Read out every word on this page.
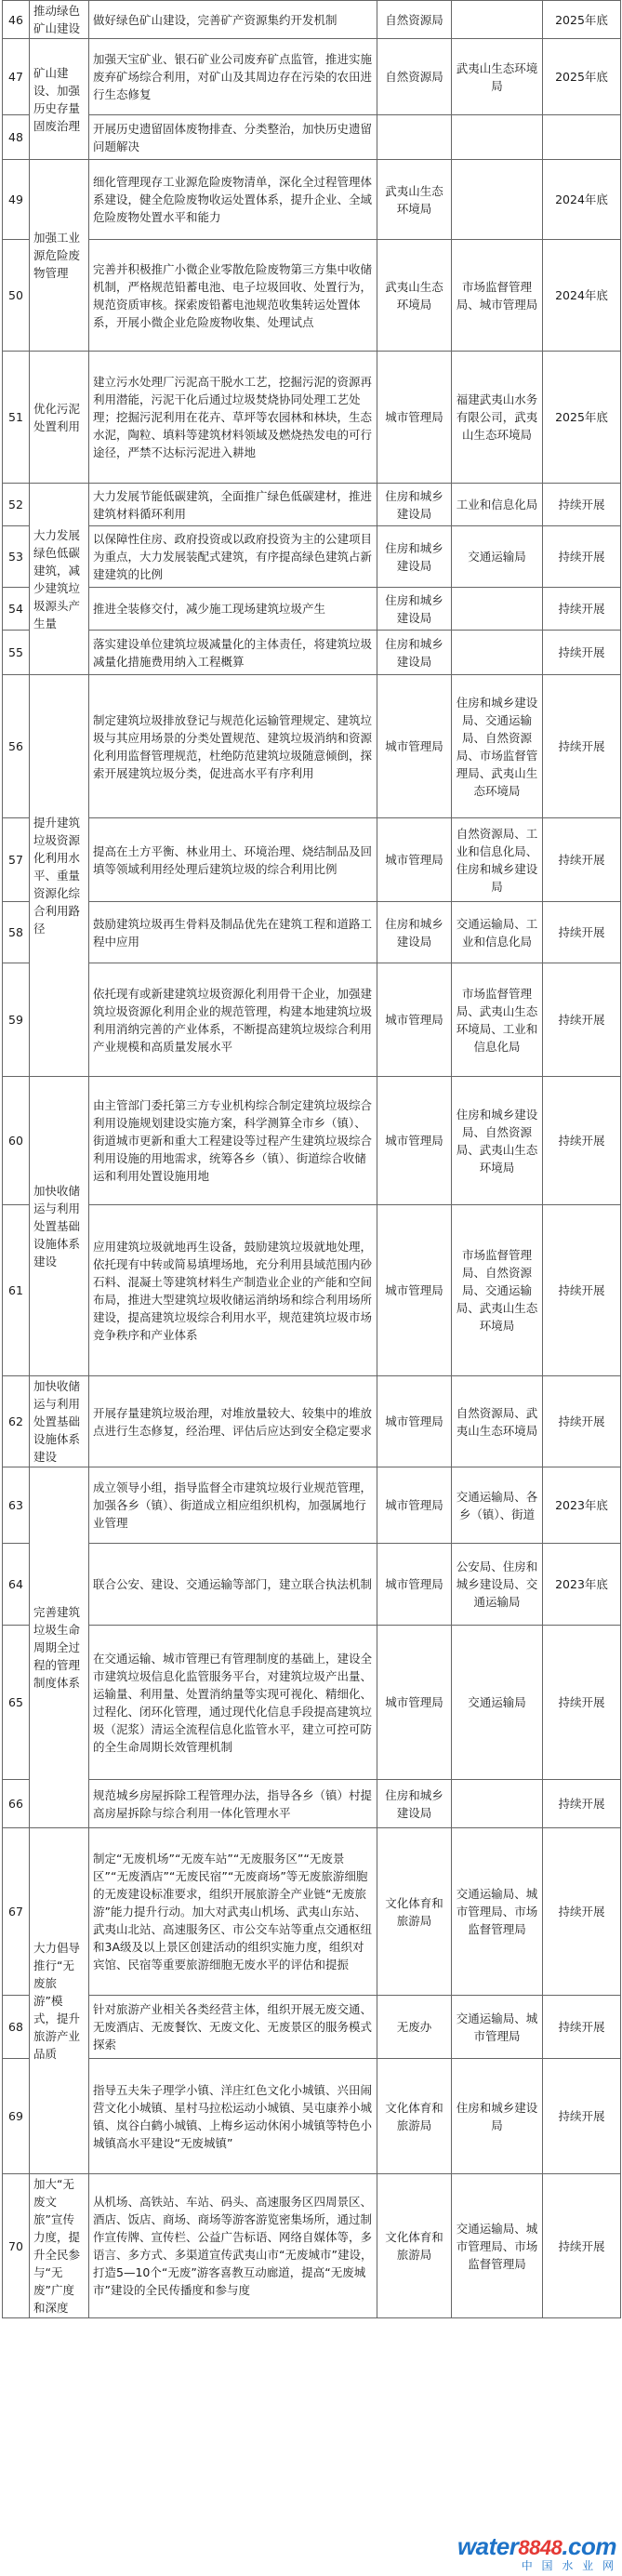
46	推动绿色矿山建设	做好绿色矿山建设，完善矿产资源集约开发机制	自然资源局		2025年底
47	矿山建设、加强历史存量固废治理	加强天宝矿业、银石矿业公司废弃矿点监管，推进实施废弃矿场综合利用，对矿山及其周边存在污染的农田进行生态修复	自然资源局	武夷山生态环境局	2025年底
48		开展历史遗留固体废物排查、分类整治，加快历史遗留问题解决			
49	加强工业源危险废物管理	细化管理现存工业源危险废物清单，深化全过程管理体系建设，健全危险废物收运处置体系，提升企业、全域危险废物处置水平和能力	武夷山生态环境局		2024年底
50		完善并积极推广小微企业零散危险废物第三方集中收储机制，严格规范铅蓄电池、电子垃圾回收、处置行为，规范资质审核。探索废铅蓄电池规范收集转运处置体系，开展小微企业危险废物收集、处理试点	武夷山生态环境局	市场监督管理局、城市管理局	2024年底
51	优化污泥处置利用	建立污水处理厂污泥高干脱水工艺，挖掘污泥的资源再利用潜能，污泥干化后通过垃圾焚烧协同处理工艺处理；挖掘污泥利用在花卉、草坪等农园林和林块，生态水泥，陶粒、填料等建筑材料领域及燃烧热发电的可行途径，严禁不达标污泥进入耕地	城市管理局	福建武夷山水务有限公司，武夷山生态环境局	2025年底
52	大力发展绿色低碳建筑，减少建筑垃圾源头产生量	大力发展节能低碳建筑，全面推广绿色低碳建材，推进建筑材料循环利用	住房和城乡建设局	工业和信息化局	持续开展
53		以保障性住房、政府投资或以政府投资为主的公建项目为重点，大力发展装配式建筑，有序提高绿色建筑占新建建筑的比例	住房和城乡建设局	交通运输局	持续开展
54		推进全装修交付，减少施工现场建筑垃圾产生	住房和城乡建设局		持续开展
55		落实建设单位建筑垃圾减量化的主体责任，将建筑垃圾减量化措施费用纳入工程概算	住房和城乡建设局		持续开展
56	提升建筑垃圾资源化利用水平、重量资源化综合利用路径	制定建筑垃圾排放登记与规范化运输管理规定、建筑垃圾与其应用场景的分类处置规范、建筑垃圾消纳和资源化利用监督管理规范，杜绝防范建筑垃圾随意倾倒，探索开展建筑垃圾分类，促进高水平有序利用	城市管理局	住房和城乡建设局、交通运输局、自然资源局、市场监督管理局、武夷山生态环境局	持续开展
57		提高在土方平衡、林业用土、环境治理、烧结制品及回填等领域利用经处理后建筑垃圾的综合利用比例	城市管理局	自然资源局、工业和信息化局、住房和城乡建设局	持续开展
58		鼓励建筑垃圾再生骨料及制品优先在建筑工程和道路工程中应用	住房和城乡建设局	交通运输局、工业和信息化局	持续开展
59		依托现有或新建建筑垃圾资源化利用骨干企业，加强建筑垃圾资源化利用企业的规范管理，构建本地建筑垃圾利用消纳完善的产业体系，不断提高建筑垃圾综合利用产业规模和高质量发展水平	城市管理局	市场监督管理局、武夷山生态环境局、工业和信息化局	持续开展
60	加快收储运与利用处置基础设施体系建设	由主管部门委托第三方专业机构综合制定建筑垃圾综合利用设施规划建设实施方案，科学测算全市乡（镇）、街道城市更新和重大工程建设等过程产生建筑垃圾综合利用设施的用地需求，统筹各乡（镇）、街道综合收储运和利用处置设施用地	城市管理局	住房和城乡建设局、自然资源局、武夷山生态环境局	持续开展
61		应用建筑垃圾就地再生设备，鼓励建筑垃圾就地处理，依托现有中转或简易填埋场地，充分利用县域范围内砂石料、混凝土等建筑材料生产制造业企业的产能和空间布局，推进大型建筑垃圾收储运消纳场和综合利用场所建设，提高建筑垃圾综合利用水平，规范建筑垃圾市场竞争秩序和产业体系	城市管理局	市场监督管理局、自然资源局、交通运输局、武夷山生态环境局	持续开展
62	加快收储运与利用处置基础设施体系建设	开展存量建筑垃圾治理，对堆放量较大、较集中的堆放点进行生态修复，经治理、评估后应达到安全稳定要求	城市管理局	自然资源局、武夷山生态环境局	持续开展
63	完善建筑垃圾生命周期全过程的管理制度体系	成立领导小组，指导监督全市建筑垃圾行业规范管理，加强各乡（镇）、街道成立相应组织机构，加强属地行业管理	城市管理局	交通运输局、各乡（镇）、街道	2023年底
64		联合公安、建设、交通运输等部门，建立联合执法机制	城市管理局	公安局、住房和城乡建设局、交通运输局	2023年底
65		在交通运输、城市管理已有管理制度的基础上，建设全市建筑垃圾信息化监管服务平台，对建筑垃圾产出量、运输量、利用量、处置消纳量等实现可视化、精细化、过程化、闭环化管理，通过现代化信息手段提高建筑垃圾（泥浆）清运全流程信息化监管水平，建立可控可防的全生命周期长效管理机制	城市管理局	交通运输局	持续开展
66		规范城乡房屋拆除工程管理办法，指导各乡（镇）村提高房屋拆除与综合利用一体化管理水平	住房和城乡建设局		持续开展
67	大力倡导推行“无废旅游”模式，提升旅游产业品质	制定“无废机场”“无废车站”“无废服务区”“无废景区”“无废酒店”“无废民宿”“无废商场”等无废旅游细胞的无废建设标准要求，组织开展旅游全产业链“无废旅游”能力提升行动。加大对武夷山机场、武夷山东站、武夷山北站、高速服务区、市公交车站等重点交通枢纽和3A级及以上景区创建活动的组织实施力度，组织对宾馆、民宿等重要旅游细胞无废水平的评估和提振	文化体育和旅游局	交通运输局、城市管理局、市场监督管理局	持续开展
68		针对旅游产业相关各类经营主体，组织开展无废交通、无废酒店、无废餐饮、无废文化、无废景区的服务模式探索	无废办	交通运输局、城市管理局	持续开展
69		指导五夫朱子理学小镇、洋庄红色文化小城镇、兴田闹营文化小城镇、星村马拉松运动小城镇、吴屯康养小城镇、岚谷白鹤小城镇、上梅乡运动休闲小城镇等特色小城镇高水平建设“无废城镇”	文化体育和旅游局	住房和城乡建设局	持续开展
70	加大“无废文旅”宣传力度，提升全民参与“无废”广度和深度	从机场、高铁站、车站、码头、高速服务区四周景区、酒店、饭店、商场、商场等游客游览密集场所，通过制作宣传牌、宣传栏、公益广告标语、网络自媒体等，多语言、多方式、多渠道宣传武夷山市“无废城市”建设，打造5—10个“无废”游客喜教互动廊道，提高“无废城市”建设的全民传播度和参与度	文化体育和旅游局	交通运输局、城市管理局、市场监督管理局	持续开展
water8848.com
中 国 水 业 网
